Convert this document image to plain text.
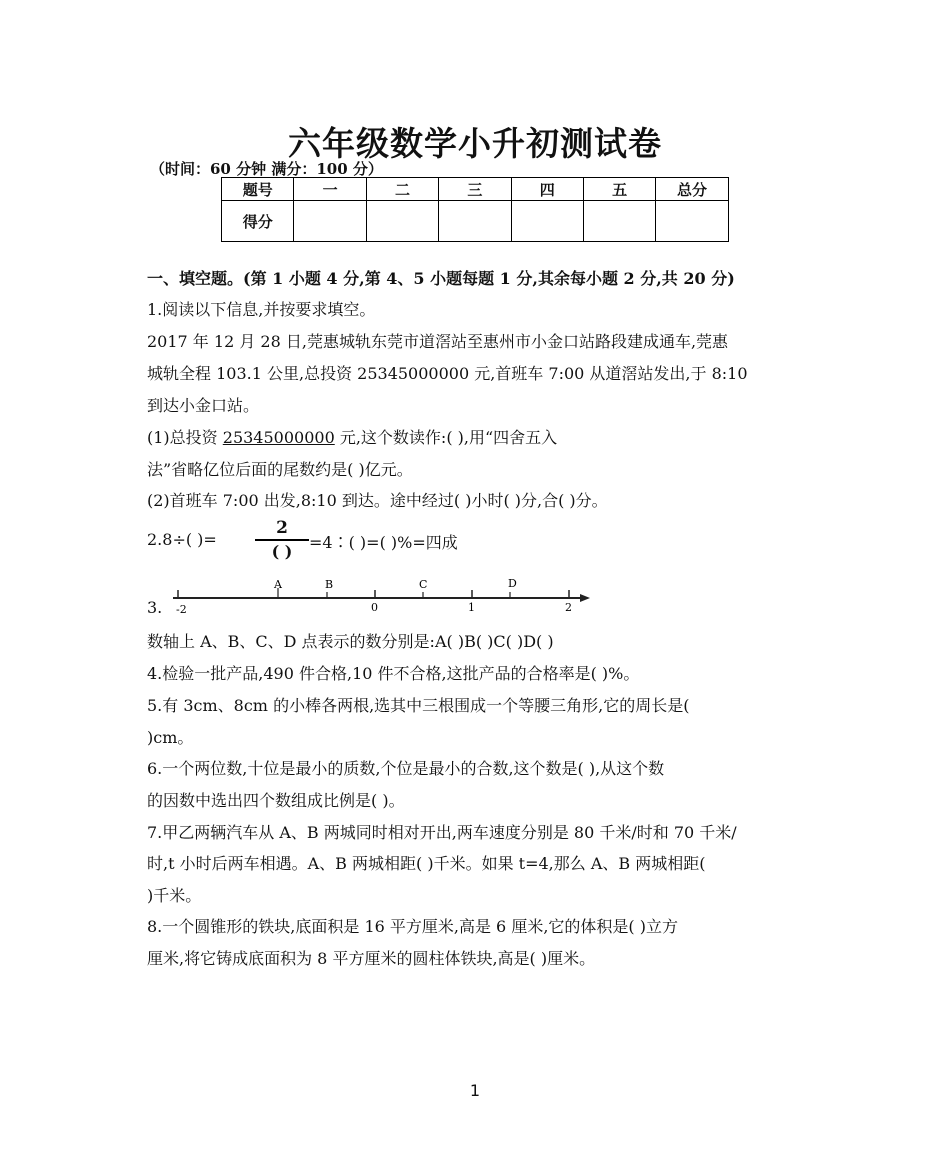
六年级数学小升初测试卷
（时间：60 分钟 满分：100 分）
题号	一	二	三	四	五	总分
得分						
一、填空题。(第 1 小题 4 分,第 4、5 小题每题 1 分,其余每小题 2 分,共 20 分)
1.阅读以下信息,并按要求填空。
2017 年 12 月 28 日,莞惠城轨东莞市道滘站至惠州市小金口站路段建成通车,莞惠
城轨全程 103.1 公里,总投资 25345000000 元,首班车 7:00 从道滘站发出,于 8:10
到达小金口站。
(1)总投资 25345000000 元,这个数读作:( ),用“四舍五入
法”省略亿位后面的尾数约是( )亿元。
(2)首班车 7:00 出发,8:10 到达。途中经过( )小时( )分,合( )分。
2.8÷( )=
2
( )	=4∶( )=( )%=四成
3.
A	B	C	D
-2	0	1	2
数轴上 A、B、C、D 点表示的数分别是:A( )B( )C( )D( )
4.检验一批产品,490 件合格,10 件不合格,这批产品的合格率是( )%。
5.有 3cm、8cm 的小棒各两根,选其中三根围成一个等腰三角形,它的周长是(
)cm。
6.一个两位数,十位是最小的质数,个位是最小的合数,这个数是( ),从这个数
的因数中选出四个数组成比例是( )。
7.甲乙两辆汽车从 A、B 两城同时相对开出,两车速度分别是 80 千米/时和 70 千米/
时,t 小时后两车相遇。A、B 两城相距( )千米。如果 t=4,那么 A、B 两城相距(
)千米。
8.一个圆锥形的铁块,底面积是 16 平方厘米,高是 6 厘米,它的体积是( )立方
厘米,将它铸成底面积为 8 平方厘米的圆柱体铁块,高是( )厘米。
1
